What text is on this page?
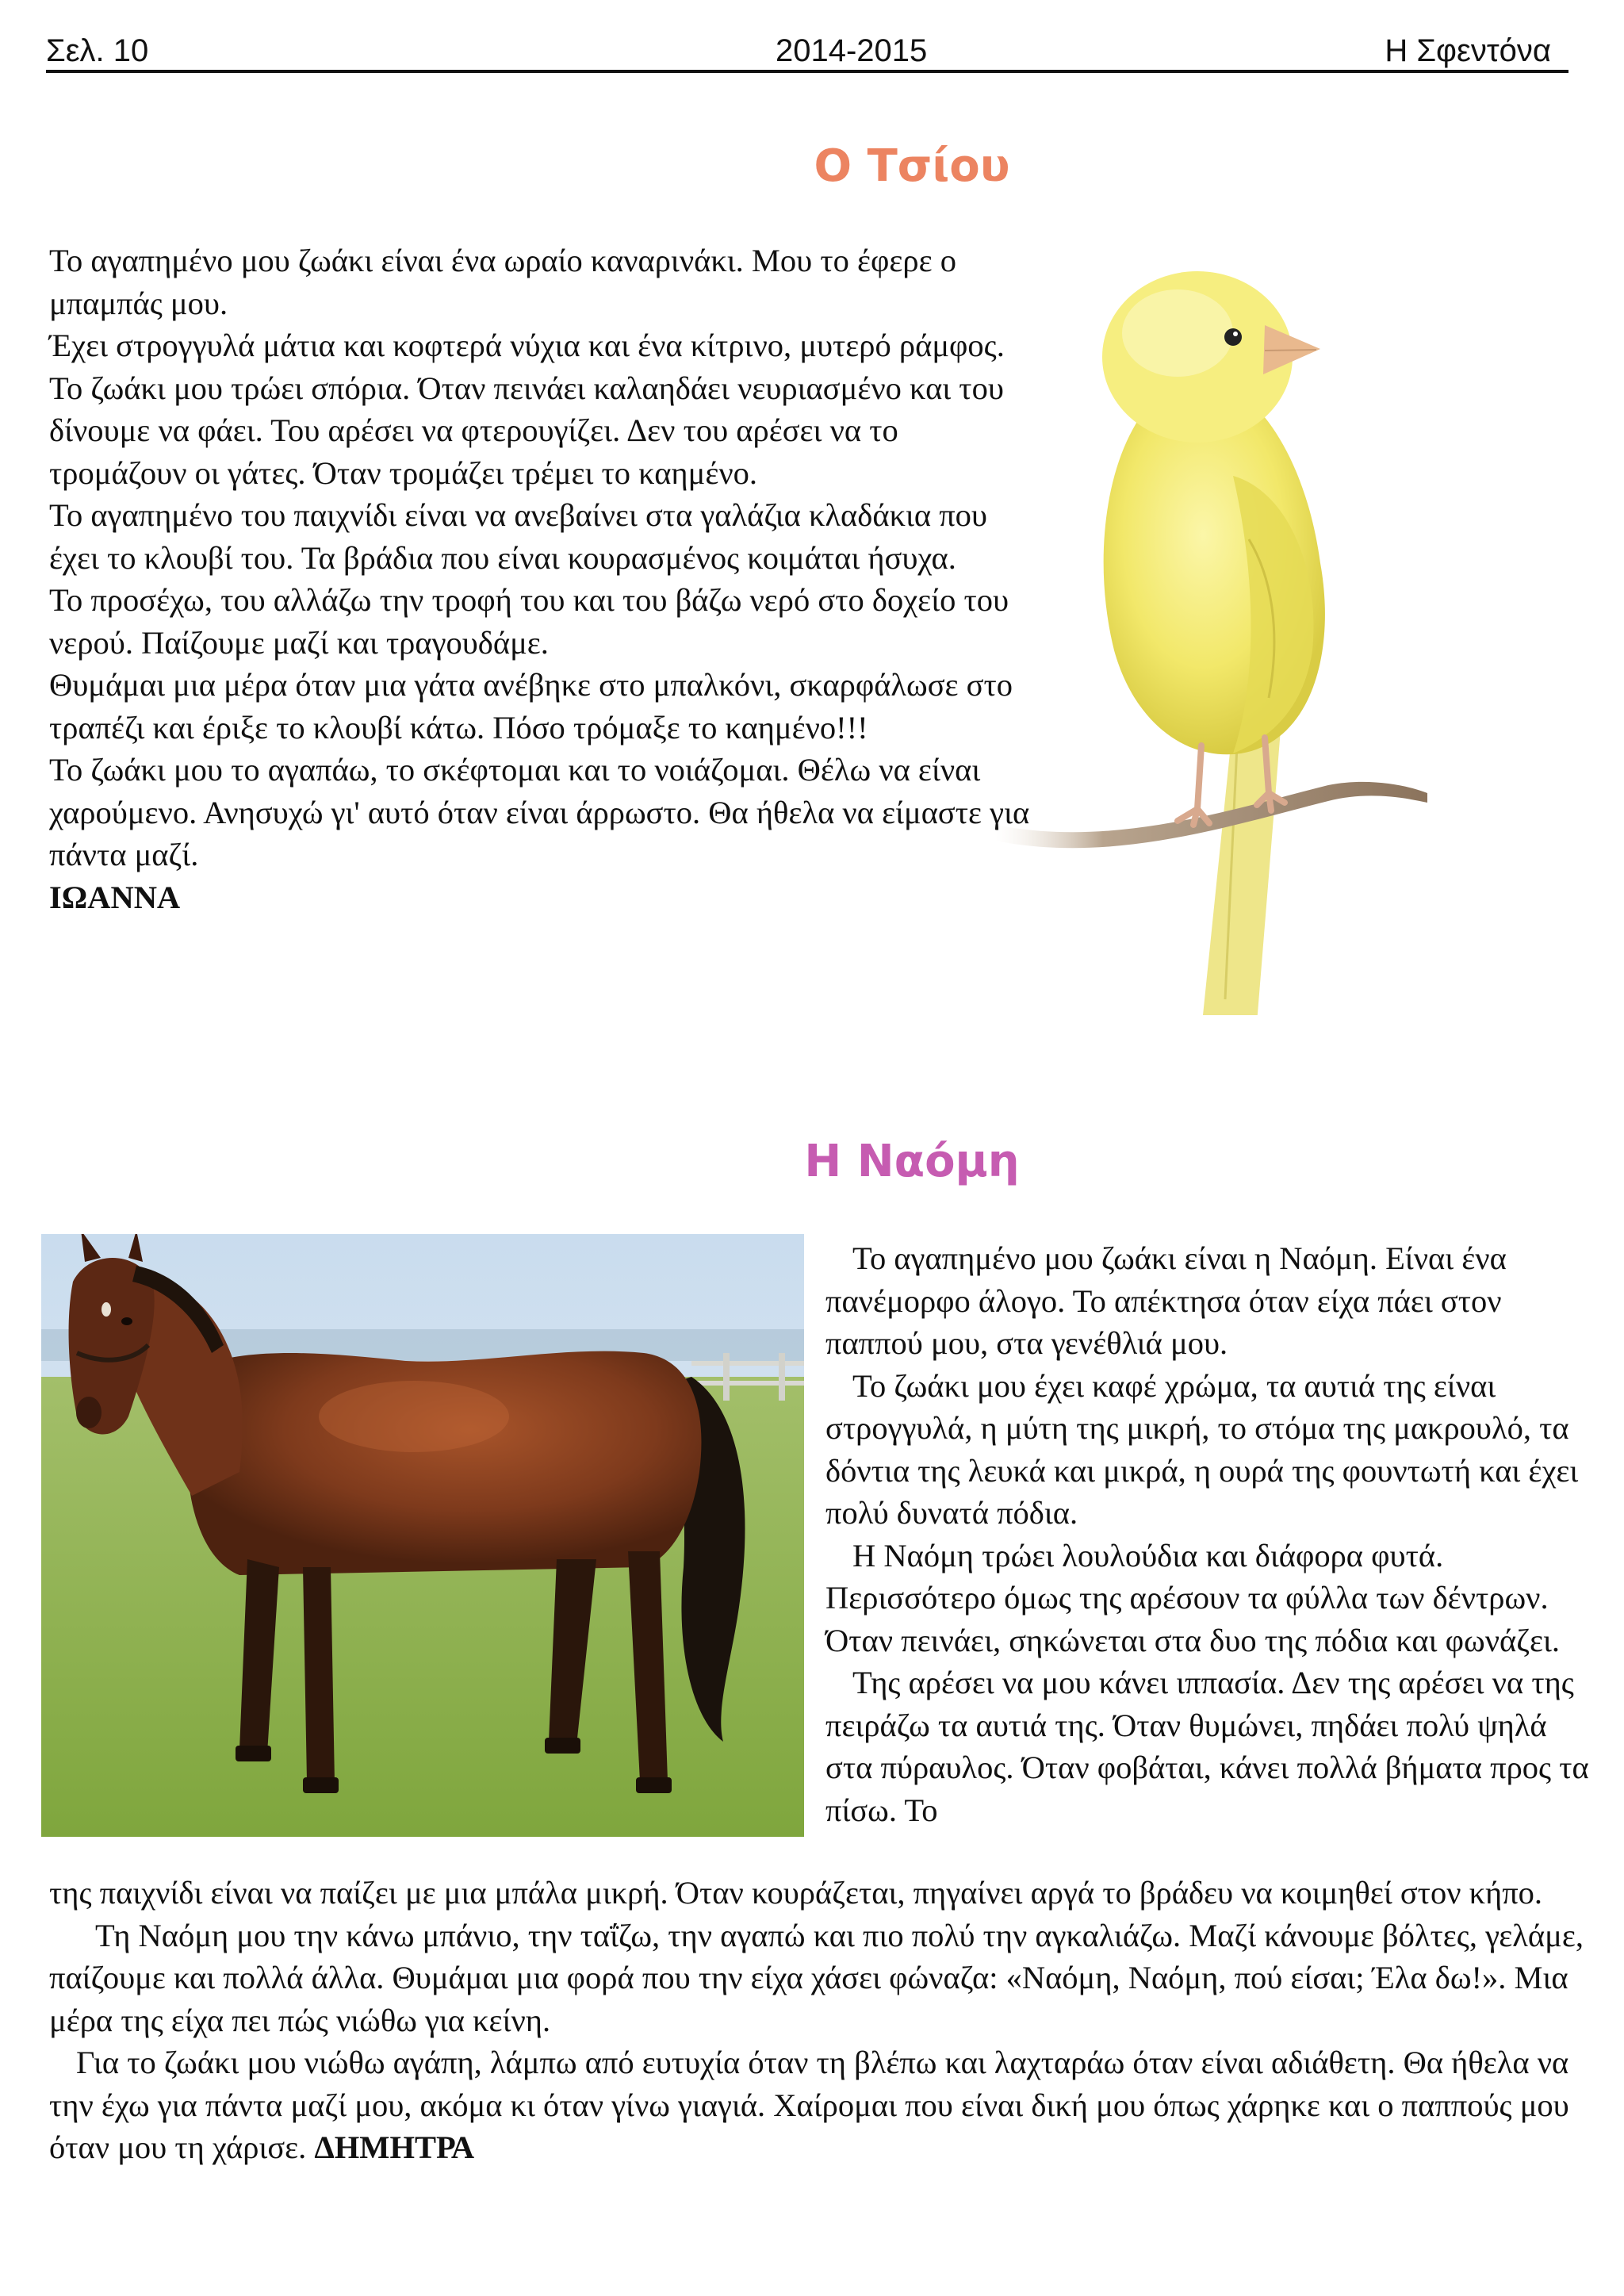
Σελ. 10	2014-2015	Η Σφεντόνα
Ο Τσίου

Το αγαπημένο μου ζωάκι είναι ένα ωραίο καναρινάκι. Μου το έφερε ο μπαμπάς μου.

Έχει στρογγυλά μάτια και κοφτερά νύχια και ένα κίτρινο, μυτερό ράμφος.

Το ζωάκι μου τρώει σπόρια. Όταν πεινάει καλαηδάει νευριασμένο και του δίνουμε να φάει. Του αρέσει να φτερουγίζει. Δεν του αρέσει να το τρομάζουν οι γάτες. Όταν τρομάζει τρέμει το καημένο.

Το αγαπημένο του παιχνίδι είναι να ανεβαίνει στα γαλάζια κλαδάκια που έχει το κλουβί του. Τα βράδια που είναι κουρασμένος κοιμάται ήσυχα.

Το προσέχω, του αλλάζω την τροφή του και του βάζω νερό στο δοχείο του νερού. Παίζουμε μαζί και τραγουδάμε.

Θυμάμαι μια μέρα όταν μια γάτα ανέβηκε στο μπαλκόνι, σκαρφάλωσε στο τραπέζι και έριξε το κλουβί κάτω. Πόσο τρόμαξε το καημένο!!!

Το ζωάκι μου το αγαπάω, το σκέφτομαι και το νοιάζομαι. Θέλω να είναι χαρούμενο. Ανησυχώ γι' αυτό όταν είναι άρρωστο. Θα ήθελα να είμαστε για πάντα μαζί.

ΙΩΑΝΝΑ

Η Ναόμη

Το αγαπημένο μου ζωάκι είναι η Ναόμη. Είναι ένα πανέμορφο άλογο. Το απέκτησα όταν είχα πάει στον παππού μου, στα γενέθλιά μου.

Το ζωάκι μου έχει καφέ χρώμα, τα αυτιά της είναι στρογγυλά, η μύτη της μικρή, το στόμα της μακρουλό, τα δόντια της λευκά και μικρά, η ουρά της φουντωτή και έχει πολύ δυνατά πόδια.

Η Ναόμη τρώει λουλούδια και διάφορα φυτά. Περισσότερο όμως της αρέσουν τα φύλλα των δέντρων. Όταν πεινάει, σηκώνεται στα δυο της πόδια και φωνάζει.

Της αρέσει να μου κάνει ιππασία. Δεν της αρέσει να της πειράζω τα αυτιά της. Όταν θυμώνει, πηδάει πολύ ψηλά στα πύραυλος. Όταν φοβάται, κάνει πολλά βήματα προς τα πίσω. Το

της παιχνίδι είναι να παίζει με μια μπάλα μικρή. Όταν κουράζεται, πηγαίνει αργά το βράδευ να κοιμηθεί στον κήπο.

Τη Ναόμη μου την κάνω μπάνιο, την ταΐζω, την αγαπώ και πιο πολύ την αγκαλιάζω. Μαζί κάνουμε βόλτες, γελάμε, παίζουμε και πολλά άλλα. Θυμάμαι μια φορά που την είχα χάσει φώναζα: «Ναόμη, Ναόμη, πού είσαι; Έλα δω!». Μια μέρα της είχα πει πώς νιώθω για κείνη.

Για το ζωάκι μου νιώθω αγάπη, λάμπω από ευτυχία όταν τη βλέπω και λαχταράω όταν είναι αδιάθετη. Θα ήθελα να την έχω για πάντα μαζί μου, ακόμα κι όταν γίνω γιαγιά. Χαίρομαι που είναι δική μου όπως χάρηκε και ο παππούς μου όταν μου τη χάρισε. ΔΗΜΗΤΡΑ
